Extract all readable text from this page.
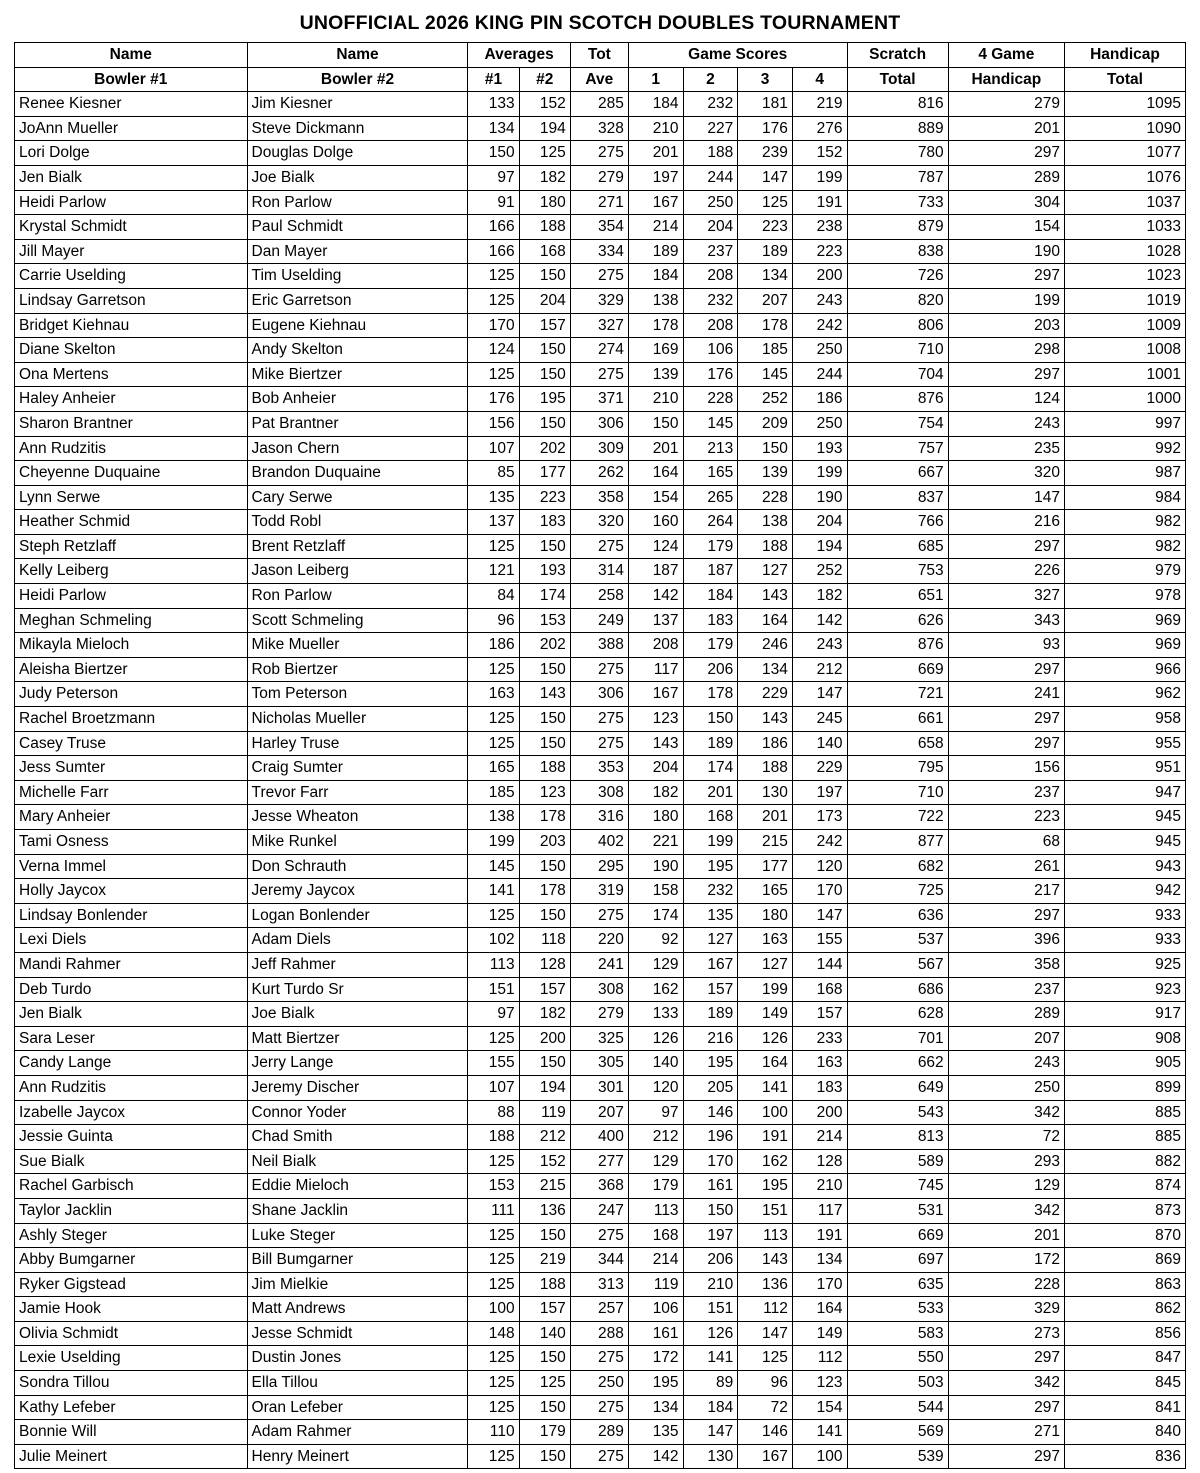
UNOFFICIAL 2026 KING PIN SCOTCH DOUBLES TOURNAMENT
Name	Name	Averages		Tot	Game Scores				Scratch	4 Game	Handicap
Bowler #1	Bowler #2	#1	#2	Ave	1	2	3	4	Total	Handicap	Total
Renee Kiesner	Jim Kiesner	133	152	285	184	232	181	219	816	279	1095
JoAnn Mueller	Steve Dickmann	134	194	328	210	227	176	276	889	201	1090
Lori Dolge	Douglas Dolge	150	125	275	201	188	239	152	780	297	1077
Jen Bialk	Joe Bialk	97	182	279	197	244	147	199	787	289	1076
Heidi Parlow	Ron Parlow	91	180	271	167	250	125	191	733	304	1037
Krystal Schmidt	Paul Schmidt	166	188	354	214	204	223	238	879	154	1033
Jill Mayer	Dan Mayer	166	168	334	189	237	189	223	838	190	1028
Carrie Uselding	Tim Uselding	125	150	275	184	208	134	200	726	297	1023
Lindsay Garretson	Eric Garretson	125	204	329	138	232	207	243	820	199	1019
Bridget Kiehnau	Eugene Kiehnau	170	157	327	178	208	178	242	806	203	1009
Diane Skelton	Andy Skelton	124	150	274	169	106	185	250	710	298	1008
Ona Mertens	Mike Biertzer	125	150	275	139	176	145	244	704	297	1001
Haley Anheier	Bob Anheier	176	195	371	210	228	252	186	876	124	1000
Sharon Brantner	Pat Brantner	156	150	306	150	145	209	250	754	243	997
Ann Rudzitis	Jason Chern	107	202	309	201	213	150	193	757	235	992
Cheyenne Duquaine	Brandon Duquaine	85	177	262	164	165	139	199	667	320	987
Lynn Serwe	Cary Serwe	135	223	358	154	265	228	190	837	147	984
Heather Schmid	Todd Robl	137	183	320	160	264	138	204	766	216	982
Steph Retzlaff	Brent Retzlaff	125	150	275	124	179	188	194	685	297	982
Kelly Leiberg	Jason Leiberg	121	193	314	187	187	127	252	753	226	979
Heidi Parlow	Ron Parlow	84	174	258	142	184	143	182	651	327	978
Meghan Schmeling	Scott Schmeling	96	153	249	137	183	164	142	626	343	969
Mikayla Mieloch	Mike Mueller	186	202	388	208	179	246	243	876	93	969
Aleisha Biertzer	Rob Biertzer	125	150	275	117	206	134	212	669	297	966
Judy Peterson	Tom Peterson	163	143	306	167	178	229	147	721	241	962
Rachel Broetzmann	Nicholas Mueller	125	150	275	123	150	143	245	661	297	958
Casey Truse	Harley Truse	125	150	275	143	189	186	140	658	297	955
Jess Sumter	Craig Sumter	165	188	353	204	174	188	229	795	156	951
Michelle Farr	Trevor Farr	185	123	308	182	201	130	197	710	237	947
Mary Anheier	Jesse Wheaton	138	178	316	180	168	201	173	722	223	945
Tami Osness	Mike Runkel	199	203	402	221	199	215	242	877	68	945
Verna Immel	Don Schrauth	145	150	295	190	195	177	120	682	261	943
Holly Jaycox	Jeremy Jaycox	141	178	319	158	232	165	170	725	217	942
Lindsay Bonlender	Logan Bonlender	125	150	275	174	135	180	147	636	297	933
Lexi Diels	Adam Diels	102	118	220	92	127	163	155	537	396	933
Mandi Rahmer	Jeff Rahmer	113	128	241	129	167	127	144	567	358	925
Deb Turdo	Kurt Turdo Sr	151	157	308	162	157	199	168	686	237	923
Jen Bialk	Joe Bialk	97	182	279	133	189	149	157	628	289	917
Sara Leser	Matt Biertzer	125	200	325	126	216	126	233	701	207	908
Candy Lange	Jerry Lange	155	150	305	140	195	164	163	662	243	905
Ann Rudzitis	Jeremy Discher	107	194	301	120	205	141	183	649	250	899
Izabelle Jaycox	Connor Yoder	88	119	207	97	146	100	200	543	342	885
Jessie Guinta	Chad Smith	188	212	400	212	196	191	214	813	72	885
Sue Bialk	Neil Bialk	125	152	277	129	170	162	128	589	293	882
Rachel Garbisch	Eddie Mieloch	153	215	368	179	161	195	210	745	129	874
Taylor Jacklin	Shane Jacklin	111	136	247	113	150	151	117	531	342	873
Ashly Steger	Luke Steger	125	150	275	168	197	113	191	669	201	870
Abby Bumgarner	Bill Bumgarner	125	219	344	214	206	143	134	697	172	869
Ryker Gigstead	Jim Mielkie	125	188	313	119	210	136	170	635	228	863
Jamie Hook	Matt Andrews	100	157	257	106	151	112	164	533	329	862
Olivia Schmidt	Jesse Schmidt	148	140	288	161	126	147	149	583	273	856
Lexie Uselding	Dustin Jones	125	150	275	172	141	125	112	550	297	847
Sondra Tillou	Ella Tillou	125	125	250	195	89	96	123	503	342	845
Kathy Lefeber	Oran Lefeber	125	150	275	134	184	72	154	544	297	841
Bonnie Will	Adam Rahmer	110	179	289	135	147	146	141	569	271	840
Julie Meinert	Henry Meinert	125	150	275	142	130	167	100	539	297	836
